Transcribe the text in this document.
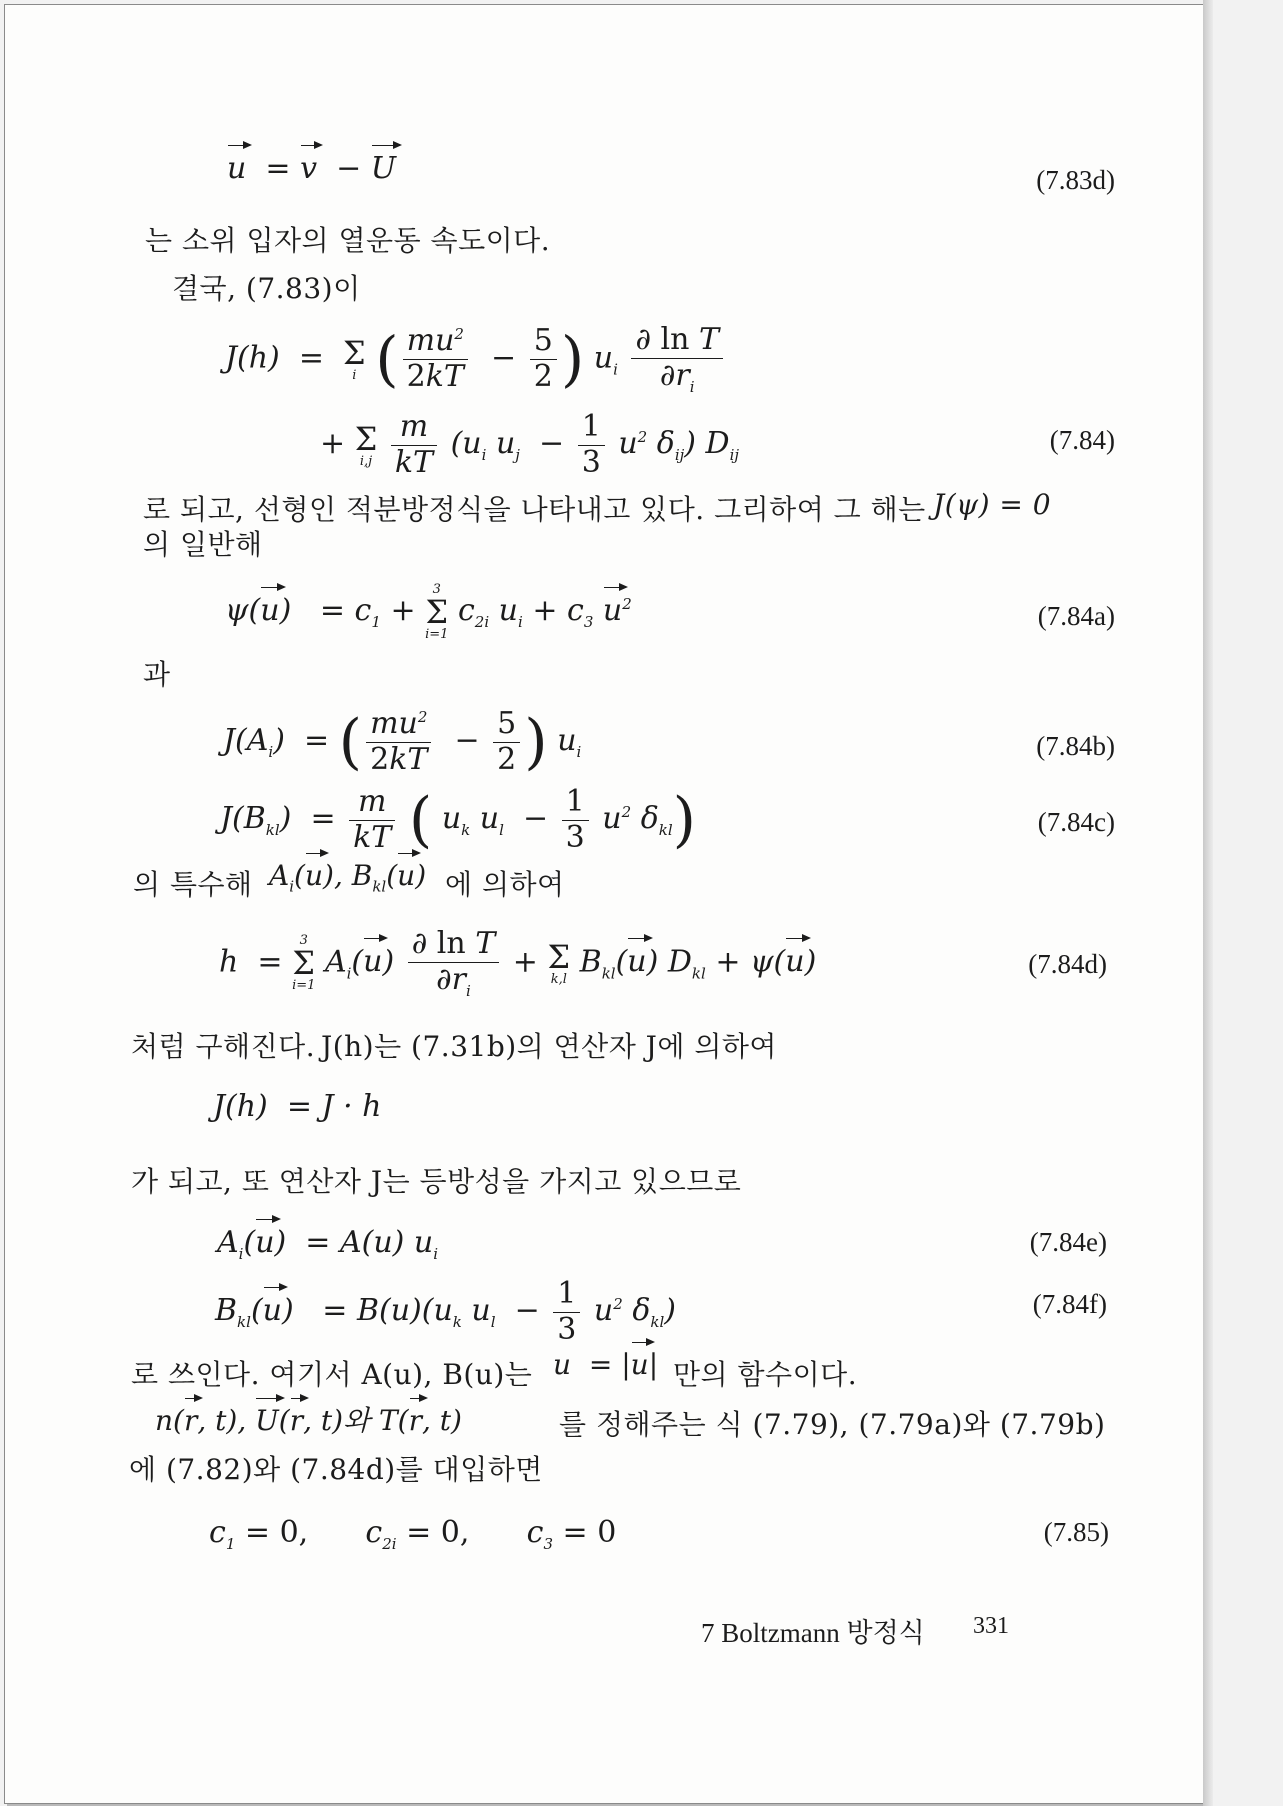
u  = v  − U	(7.83d)
는 소위 입자의 열운동 속도이다.
결국, (7.83)이
J(h)  = Σ
i ( $\frac{mu^2}{2kT} - \frac{5}{2}$ ) $u_i \frac{\text{∂ ln T}}{\partial r_i}$
+ Σ
i,j
$\frac{m}{kT} (u_i$ $u_j - \frac{1}{3} u^2$ $\delta_{ij}$) $D_{ij}$	(7.84)
로 되고, 선형인 적분방정식을 나타내고 있다. 그리하여 그 해는 J(ψ) = 0
의 일반해
$\psi(u) = c_1$ +
3
Σ
i=1
$c_{2i}$ $u_i + c_3$ $u^2$	(7.84a)
과
$J(A_i)$  = ( $\frac{mu^2}{2kT} - \frac{5}{2}$ ) $u_i$	(7.84b)
$J(B_{kl}) = \frac{m}{kT}$ ( $u_k$ $u_l - \frac{1}{3} u^2$ $\delta_{kl}$)	(7.84c)
의 특수해 $A_i(u)$, $B_{kl}(u)$ 에 의하여
h  =
3
Σ
i=1
$A_i(u) \frac{\text{∂ ln T}}{\partial r_i} + \Sigma$
k,l $B_{kl}(u) D_{kl} + \psi(u)$	(7.84d)
처럼 구해진다. J(h)는 (7.31b)의 연산자 J에 의하여
J(h)  = J · h
가 되고, 또 연산자 J는 등방성을 가지고 있으므로
$A_i(u) = A(u)$ $u_i$	(7.84e)
$B_{kl}(u) = B(u)(u_k$ $u_l - \frac{1}{3} u^2$ $\delta_{kl}$)	(7.84f)
로 쓰인다. 여기서 A(u), B(u)는 u  = |u| 만의 함수이다.
n(r, t), U(r, t)와 T(r, t)	를 정해주는 식 (7.79), (7.79a)와 (7.79b)
에 (7.82)와 (7.84d)를 대입하면
$c_1 = 0$,      $c_{2i} = 0$,      $c_3 = 0$	(7.85)
7 Boltzmann 방정식 331
